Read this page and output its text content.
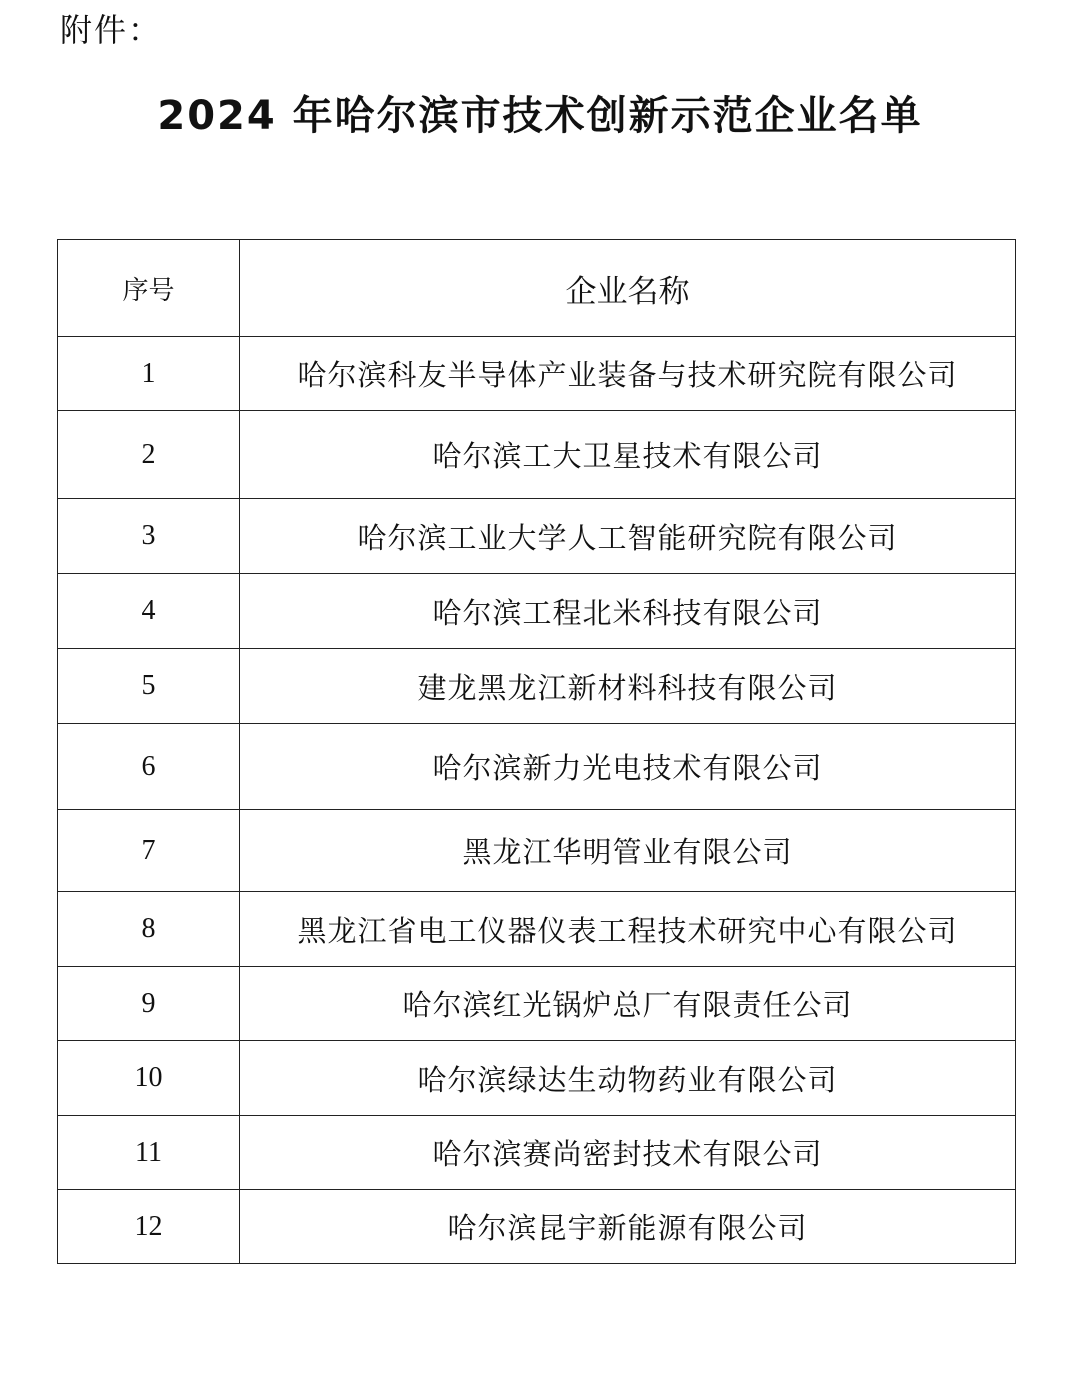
附件：
2024 年哈尔滨市技术创新示范企业名单
序号	企业名称
1	哈尔滨科友半导体产业装备与技术研究院有限公司
2	哈尔滨工大卫星技术有限公司
3	哈尔滨工业大学人工智能研究院有限公司
4	哈尔滨工程北米科技有限公司
5	建龙黑龙江新材料科技有限公司
6	哈尔滨新力光电技术有限公司
7	黑龙江华明管业有限公司
8	黑龙江省电工仪器仪表工程技术研究中心有限公司
9	哈尔滨红光锅炉总厂有限责任公司
10	哈尔滨绿达生动物药业有限公司
11	哈尔滨赛尚密封技术有限公司
12	哈尔滨昆宇新能源有限公司
